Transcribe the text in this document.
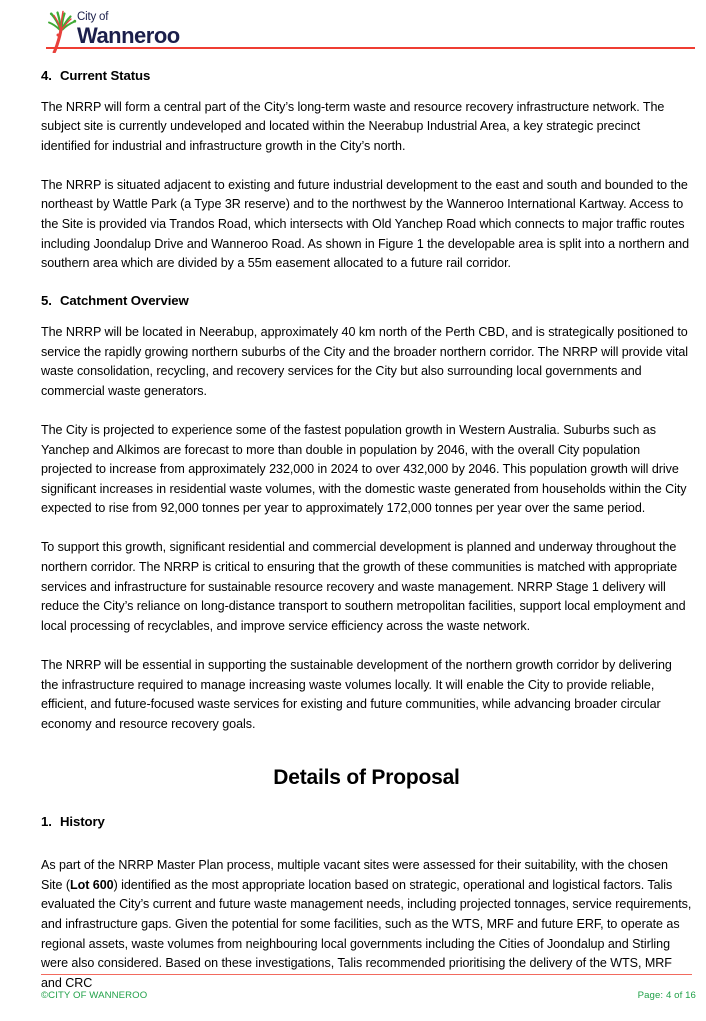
City of
Wanneroo
4. Current Status

The NRRP will form a central part of the City’s long-term waste and resource recovery infrastructure network. The subject site is currently undeveloped and located within the Neerabup Industrial Area, a key strategic precinct identified for industrial and infrastructure growth in the City’s north.

The NRRP is situated adjacent to existing and future industrial development to the east and south and bounded to the northeast by Wattle Park (a Type 3R reserve) and to the northwest by the Wanneroo International Kartway. Access to the Site is provided via Trandos Road, which intersects with Old Yanchep Road which connects to major traffic routes including Joondalup Drive and Wanneroo Road. As shown in Figure 1 the developable area is split into a northern and southern area which are divided by a 55m easement allocated to a future rail corridor.

5. Catchment Overview

The NRRP will be located in Neerabup, approximately 40 km north of the Perth CBD, and is strategically positioned to service the rapidly growing northern suburbs of the City and the broader northern corridor. The NRRP will provide vital waste consolidation, recycling, and recovery services for the City but also surrounding local governments and commercial waste generators.

The City is projected to experience some of the fastest population growth in Western Australia. Suburbs such as Yanchep and Alkimos are forecast to more than double in population by 2046, with the overall City population projected to increase from approximately 232,000 in 2024 to over 432,000 by 2046. This population growth will drive significant increases in residential waste volumes, with the domestic waste generated from households within the City expected to rise from 92,000 tonnes per year to approximately 172,000 tonnes per year over the same period.

To support this growth, significant residential and commercial development is planned and underway throughout the northern corridor. The NRRP is critical to ensuring that the growth of these communities is matched with appropriate services and infrastructure for sustainable resource recovery and waste management. NRRP Stage 1 delivery will reduce the City’s reliance on long-distance transport to southern metropolitan facilities, support local employment and local processing of recyclables, and improve service efficiency across the waste network.

The NRRP will be essential in supporting the sustainable development of the northern growth corridor by delivering the infrastructure required to manage increasing waste volumes locally. It will enable the City to provide reliable, efficient, and future-focused waste services for existing and future communities, while advancing broader circular economy and resource recovery goals.

Details of Proposal
1. History

As part of the NRRP Master Plan process, multiple vacant sites were assessed for their suitability, with the chosen Site (Lot 600) identified as the most appropriate location based on strategic, operational and logistical factors. Talis evaluated the City’s current and future waste management needs, including projected tonnages, service requirements, and infrastructure gaps. Given the potential for some facilities, such as the WTS, MRF and future ERF, to operate as regional assets, waste volumes from neighbouring local governments including the Cities of Joondalup and Stirling were also considered. Based on these investigations, Talis recommended prioritising the delivery of the WTS, MRF and CRC

©CITY OF WANNEROO	Page: 4 of 16
